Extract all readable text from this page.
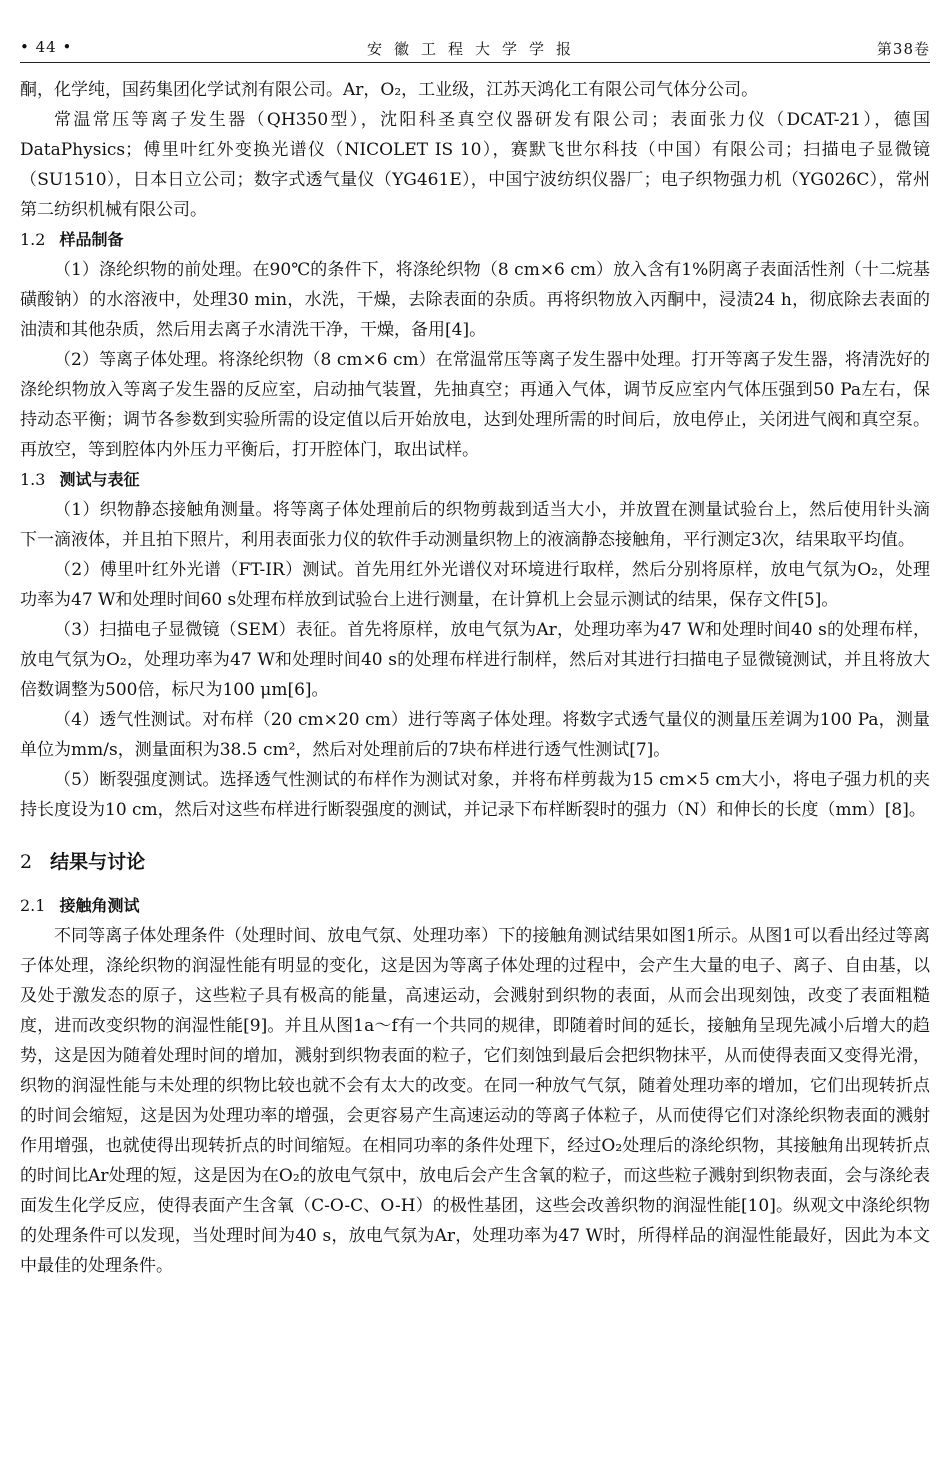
• 44 •	安徽工程大学学报	第38卷

酮，化学纯，国药集团化学试剂有限公司。Ar，O₂，工业级，江苏天鸿化工有限公司气体分公司。

常温常压等离子发生器（QH350型），沈阳科圣真空仪器研发有限公司；表面张力仪（DCAT-21），德国DataPhysics；傅里叶红外变换光谱仪（NICOLET IS 10），赛默飞世尔科技（中国）有限公司；扫描电子显微镜（SU1510），日本日立公司；数字式透气量仪（YG461E），中国宁波纺织仪器厂；电子织物强力机（YG026C），常州第二纺织机械有限公司。

1.2 样品制备

（1）涤纶织物的前处理。在90℃的条件下，将涤纶织物（8 cm×6 cm）放入含有1%阴离子表面活性剂（十二烷基磺酸钠）的水溶液中，处理30 min，水洗，干燥，去除表面的杂质。再将织物放入丙酮中，浸渍24 h，彻底除去表面的油渍和其他杂质，然后用去离子水清洗干净，干燥，备用[4]。

（2）等离子体处理。将涤纶织物（8 cm×6 cm）在常温常压等离子发生器中处理。打开等离子发生器，将清洗好的涤纶织物放入等离子发生器的反应室，启动抽气装置，先抽真空；再通入气体，调节反应室内气体压强到50 Pa左右，保持动态平衡；调节各参数到实验所需的设定值以后开始放电，达到处理所需的时间后，放电停止，关闭进气阀和真空泵。再放空，等到腔体内外压力平衡后，打开腔体门，取出试样。

1.3 测试与表征

（1）织物静态接触角测量。将等离子体处理前后的织物剪裁到适当大小，并放置在测量试验台上，然后使用针头滴下一滴液体，并且拍下照片，利用表面张力仪的软件手动测量织物上的液滴静态接触角，平行测定3次，结果取平均值。

（2）傅里叶红外光谱（FT-IR）测试。首先用红外光谱仪对环境进行取样，然后分别将原样，放电气氛为O₂，处理功率为47 W和处理时间60 s处理布样放到试验台上进行测量，在计算机上会显示测试的结果，保存文件[5]。

（3）扫描电子显微镜（SEM）表征。首先将原样，放电气氛为Ar，处理功率为47 W和处理时间40 s的处理布样，放电气氛为O₂，处理功率为47 W和处理时间40 s的处理布样进行制样，然后对其进行扫描电子显微镜测试，并且将放大倍数调整为500倍，标尺为100 μm[6]。

（4）透气性测试。对布样（20 cm×20 cm）进行等离子体处理。将数字式透气量仪的测量压差调为100 Pa，测量单位为mm/s，测量面积为38.5 cm²，然后对处理前后的7块布样进行透气性测试[7]。

（5）断裂强度测试。选择透气性测试的布样作为测试对象，并将布样剪裁为15 cm×5 cm大小，将电子强力机的夹持长度设为10 cm，然后对这些布样进行断裂强度的测试，并记录下布样断裂时的强力（N）和伸长的长度（mm）[8]。

2 结果与讨论
2.1 接触角测试

不同等离子体处理条件（处理时间、放电气氛、处理功率）下的接触角测试结果如图1所示。从图1可以看出经过等离子体处理，涤纶织物的润湿性能有明显的变化，这是因为等离子体处理的过程中，会产生大量的电子、离子、自由基，以及处于激发态的原子，这些粒子具有极高的能量，高速运动，会溅射到织物的表面，从而会出现刻蚀，改变了表面粗糙度，进而改变织物的润湿性能[9]。并且从图1a～f有一个共同的规律，即随着时间的延长，接触角呈现先减小后增大的趋势，这是因为随着处理时间的增加，溅射到织物表面的粒子，它们刻蚀到最后会把织物抹平，从而使得表面又变得光滑，织物的润湿性能与未处理的织物比较也就不会有太大的改变。在同一种放气气氛，随着处理功率的增加，它们出现转折点的时间会缩短，这是因为处理功率的增强，会更容易产生高速运动的等离子体粒子，从而使得它们对涤纶织物表面的溅射作用增强，也就使得出现转折点的时间缩短。在相同功率的条件处理下，经过O₂处理后的涤纶织物，其接触角出现转折点的时间比Ar处理的短，这是因为在O₂的放电气氛中，放电后会产生含氧的粒子，而这些粒子溅射到织物表面，会与涤纶表面发生化学反应，使得表面产生含氧（C-O-C、O-H）的极性基团，这些会改善织物的润湿性能[10]。纵观文中涤纶织物的处理条件可以发现，当处理时间为40 s，放电气氛为Ar，处理功率为47 W时，所得样品的润湿性能最好，因此为本文中最佳的处理条件。
